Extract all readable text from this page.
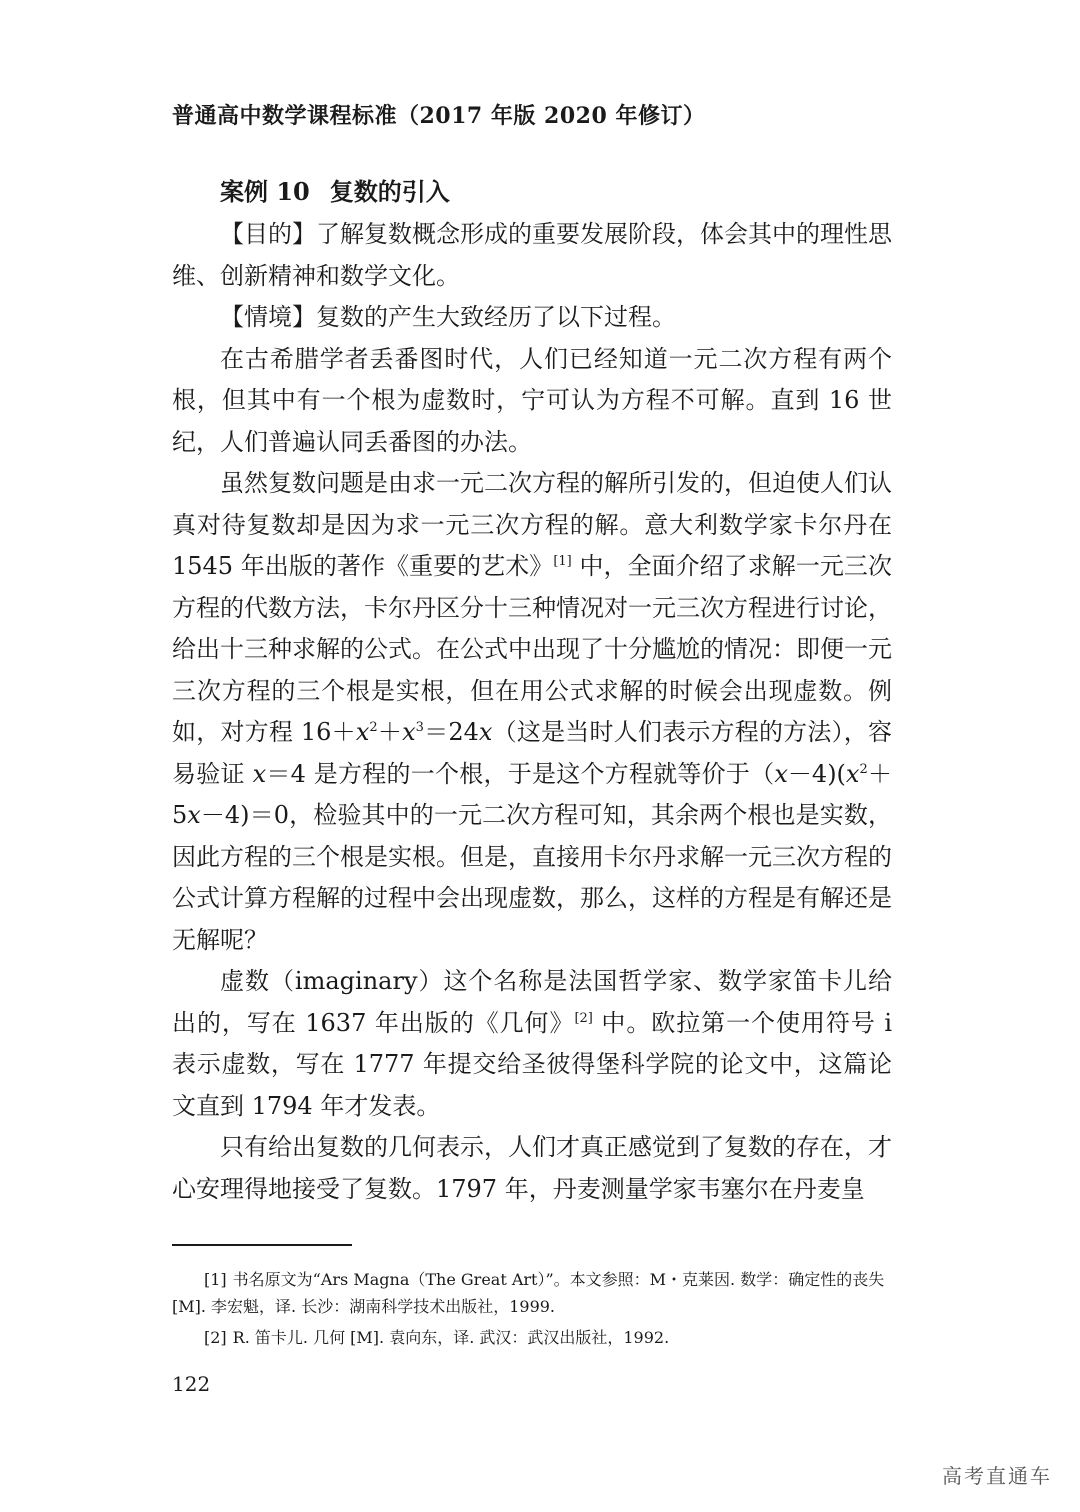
普通高中数学课程标准（2017 年版 2020 年修订）
案例 10 复数的引入

【目的】了解复数概念形成的重要发展阶段，体会其中的理性思维、创新精神和数学文化。

【情境】复数的产生大致经历了以下过程。

在古希腊学者丢番图时代，人们已经知道一元二次方程有两个根，但其中有一个根为虚数时，宁可认为方程不可解。直到 16 世纪，人们普遍认同丢番图的办法。

虽然复数问题是由求一元二次方程的解所引发的，但迫使人们认真对待复数却是因为求一元三次方程的解。意大利数学家卡尔丹在 1545 年出版的著作《重要的艺术》[1] 中，全面介绍了求解一元三次方程的代数方法，卡尔丹区分十三种情况对一元三次方程进行讨论，给出十三种求解的公式。在公式中出现了十分尴尬的情况：即便一元三次方程的三个根是实根，但在用公式求解的时候会出现虚数。例如，对方程 $16+x^2+x^3=24x$（这是当时人们表示方程的方法），容易验证 x＝4 是方程的一个根，于是这个方程就等价于$(x-4)(x^2+5x-4)=0$，检验其中的一元二次方程可知，其余两个根也是实数，因此方程的三个根是实根。但是，直接用卡尔丹求解一元三次方程的公式计算方程解的过程中会出现虚数，那么，这样的方程是有解还是无解呢？

虚数（imaginary）这个名称是法国哲学家、数学家笛卡儿给出的，写在 1637 年出版的《几何》[2] 中。欧拉第一个使用符号 i 表示虚数，写在 1777 年提交给圣彼得堡科学院的论文中，这篇论文直到 1794 年才发表。

只有给出复数的几何表示，人们才真正感觉到了复数的存在，才心安理得地接受了复数。1797 年，丹麦测量学家韦塞尔在丹麦皇

[1] 书名原文为“Ars Magna（The Great Art）”。本文参照：M・克莱因. 数学：确定性的丧失 [M]. 李宏魁，译. 长沙：湖南科学技术出版社，1999.

[2] R. 笛卡儿. 几何 [M]. 袁向东，译. 武汉：武汉出版社，1992.

122
高考直通车
